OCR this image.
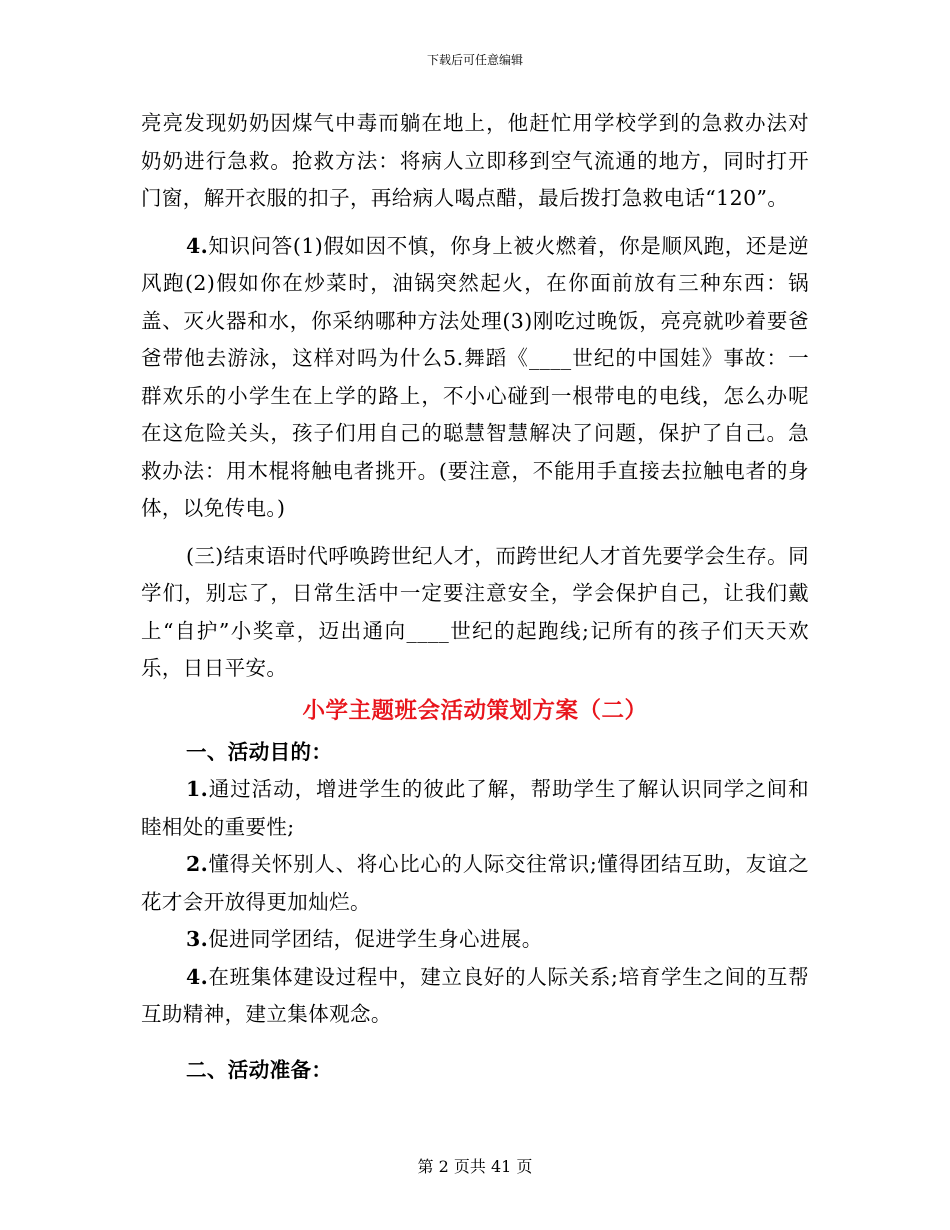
下载后可任意编辑

亮亮发现奶奶因煤气中毒而躺在地上，他赶忙用学校学到的急救办法对奶奶进行急救。抢救方法：将病人立即移到空气流通的地方，同时打开门窗，解开衣服的扣子，再给病人喝点醋，最后拨打急救电话“120”。

4.知识问答(1)假如因不慎，你身上被火燃着，你是顺风跑，还是逆风跑(2)假如你在炒菜时，油锅突然起火，在你面前放有三种东西：锅盖、灭火器和水，你采纳哪种方法处理(3)刚吃过晚饭，亮亮就吵着要爸爸带他去游泳，这样对吗为什么5.舞蹈《____世纪的中国娃》事故：一群欢乐的小学生在上学的路上，不小心碰到一根带电的电线，怎么办呢在这危险关头，孩子们用自己的聪慧智慧解决了问题，保护了自己。急救办法：用木棍将触电者挑开。(要注意，不能用手直接去拉触电者的身体，以免传电。)

(三)结束语时代呼唤跨世纪人才，而跨世纪人才首先要学会生存。同学们，别忘了，日常生活中一定要注意安全，学会保护自己，让我们戴上“自护”小奖章，迈出通向____世纪的起跑线;记所有的孩子们天天欢乐，日日平安。

小学主题班会活动策划方案（二）

一、活动目的：

1.通过活动，增进学生的彼此了解，帮助学生了解认识同学之间和睦相处的重要性;

2.懂得关怀别人、将心比心的人际交往常识;懂得团结互助，友谊之花才会开放得更加灿烂。

3.促进同学团结，促进学生身心进展。

4.在班集体建设过程中，建立良好的人际关系;培育学生之间的互帮互助精神，建立集体观念。

二、活动准备：

第 2 页共 41 页
